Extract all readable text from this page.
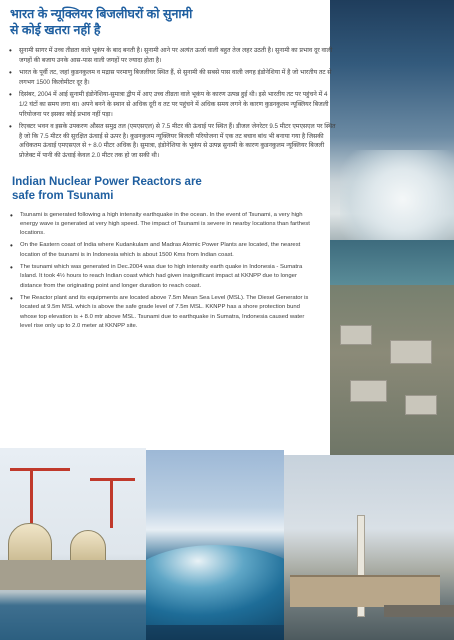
भारत के न्यूक्लियर बिजलीघरों को सुनामी
से कोई खतरा नहीं है
• सुनामी सागर में उच्च तीव्रता वाले भूकंप के बाद बनती है। सुनामी आने पर अत्यंत ऊर्जा वाली बहुत तेज लहर उठती है। सुनामी का प्रभाव दूर वाली जगहों की बजाय उनके आस-पास वाली जगहों पर ज्यादा होता है।
• भारत के पूर्वी तट, जहां कुडनकुलम व मद्रास परमाणु बिजलीघर स्थित हैं, से सुनामी की सबसे पास वाली जगह इंडोनेशिया में है जो भारतीय तट से लगभग 1500 किलोमीटर दूर है।
• दिसंबर, 2004 में आई सुनामी इंडोनेशिया-सुमात्रा द्वीप में आए उच्च तीव्रता वाले भूकंप के कारण उत्पन्न हुई थी। इसे भारतीय तट पर पहुंचने में 4 1/2 घंटों का समय लगा था। अपने बनने के स्थान से अधिक दूरी व तट पर पहुंचने में अधिक समय लगने के कारण कुडनकुलम न्यूक्लियर बिजली परियोजना पर इसका कोई प्रभाव नहीं पड़ा।
• रिएक्टर भवन व इसके उपकरण औसत समुद्र तल (एमएसएल) से 7.5 मीटर की ऊंचाई पर स्थित हैं। डीजल जेनरेटर 9.5 मीटर एमएसएल पर स्थित है जो कि 7.5 मीटर की सुरक्षित ऊंचाई से ऊपर है। कुडनकुलम न्यूक्लियर बिजली परियोजना में एक तट बचाव बांध भी बनाया गया है जिसकी अधिकतम ऊंचाई एमएसएल से + 8.0 मीटर अधिक है। सुमात्रा, इंडोनेशिया के भूकंप से उत्पन्न सुनामी के कारण कुडनकुलम न्यूक्लियर बिजली प्रोजेक्ट में पानी की ऊंचाई केवल 2.0 मीटर तक हो जा सकी थी।
Indian Nuclear Power Reactors are
safe from Tsunami
• Tsunami is generated following a high intensity earthquake in the ocean. In the event of Tsunami, a very high energy wave is generated at very high speed. The impact of Tsunami is severe in nearby locations than farthest locations.
• On the Eastern coast of India where Kudankulam and Madras Atomic Power Plants are located, the nearest location of the tsunami is in Indonesia which is about 1500 Kms from Indian coast.
• The tsunami which was generated in Dec.2004 was due to high intensity earth quake in Indonesia - Sumatra Island. It took 4½ hours to reach Indian coast which had given insignificant impact at KKNPP due to longer distance from the originating point and longer duration to reach coast.
• The Reactor plant and its equipments are located above 7.5m Mean Sea Level (MSL). The Diesel Generator is located at 9.5m MSL which is above the safe grade level of 7.5m MSL. KKNPP has a shore protection bund whose top elevation is + 8.0 mtr above MSL. Tsunami due to earthquake in Sumatra, Indonesia caused water level rise only up to 2.0 meter at KKNPP site.
